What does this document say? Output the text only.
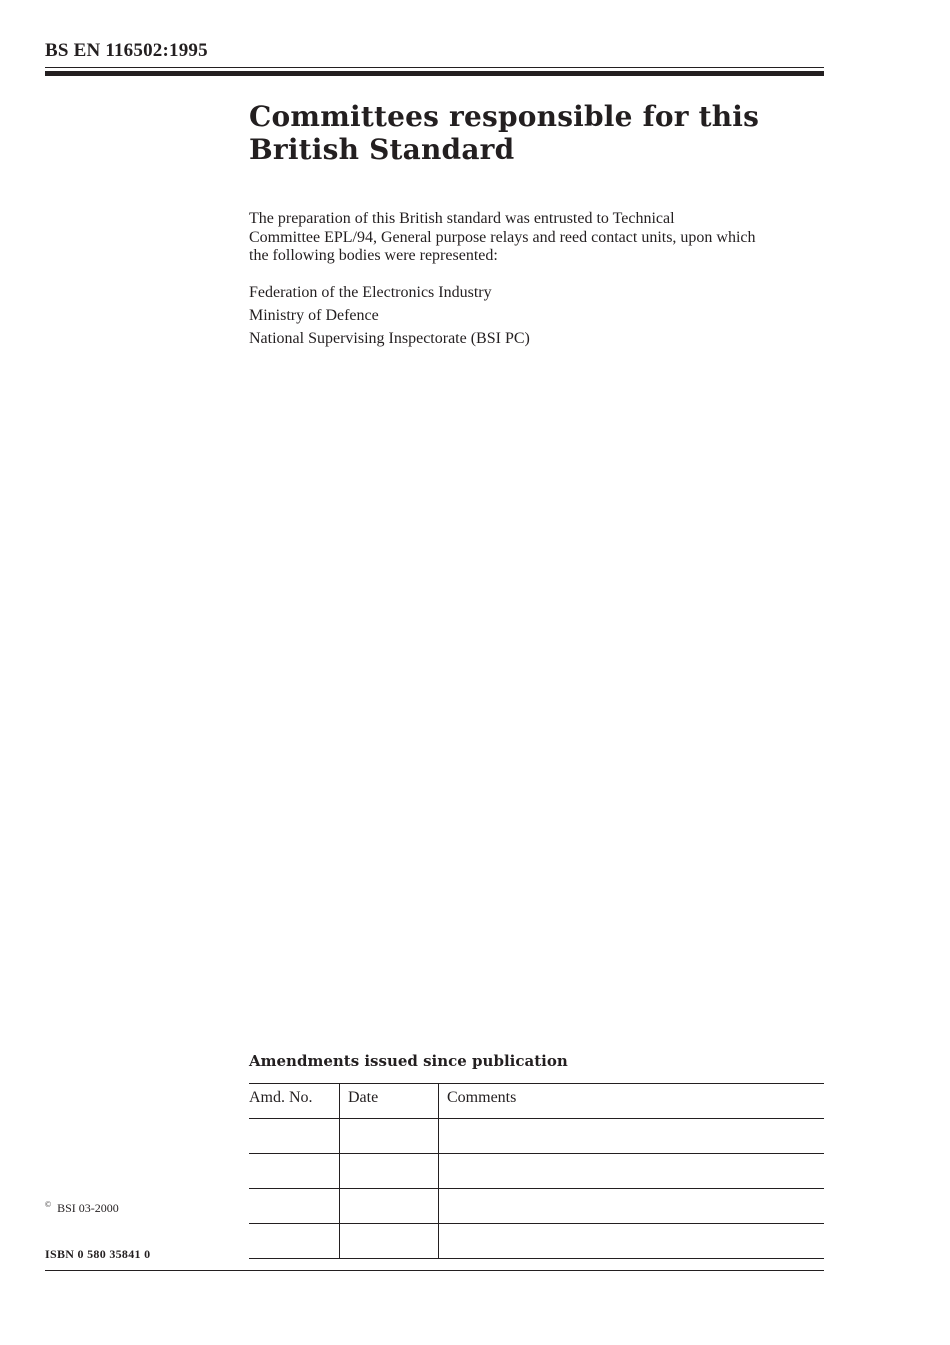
BS EN 116502:1995
Committees responsible for this
British Standard

The preparation of this British standard was entrusted to Technical
Committee EPL/94, General purpose relays and reed contact units, upon which
the following bodies were represented:

Federation of the Electronics Industry
Ministry of Defence
National Supervising Inspectorate (BSI PC)
Amendments issued since publication
Amd. No.	Date	Comments

© BSI 03-2000
ISBN 0 580 35841 0
